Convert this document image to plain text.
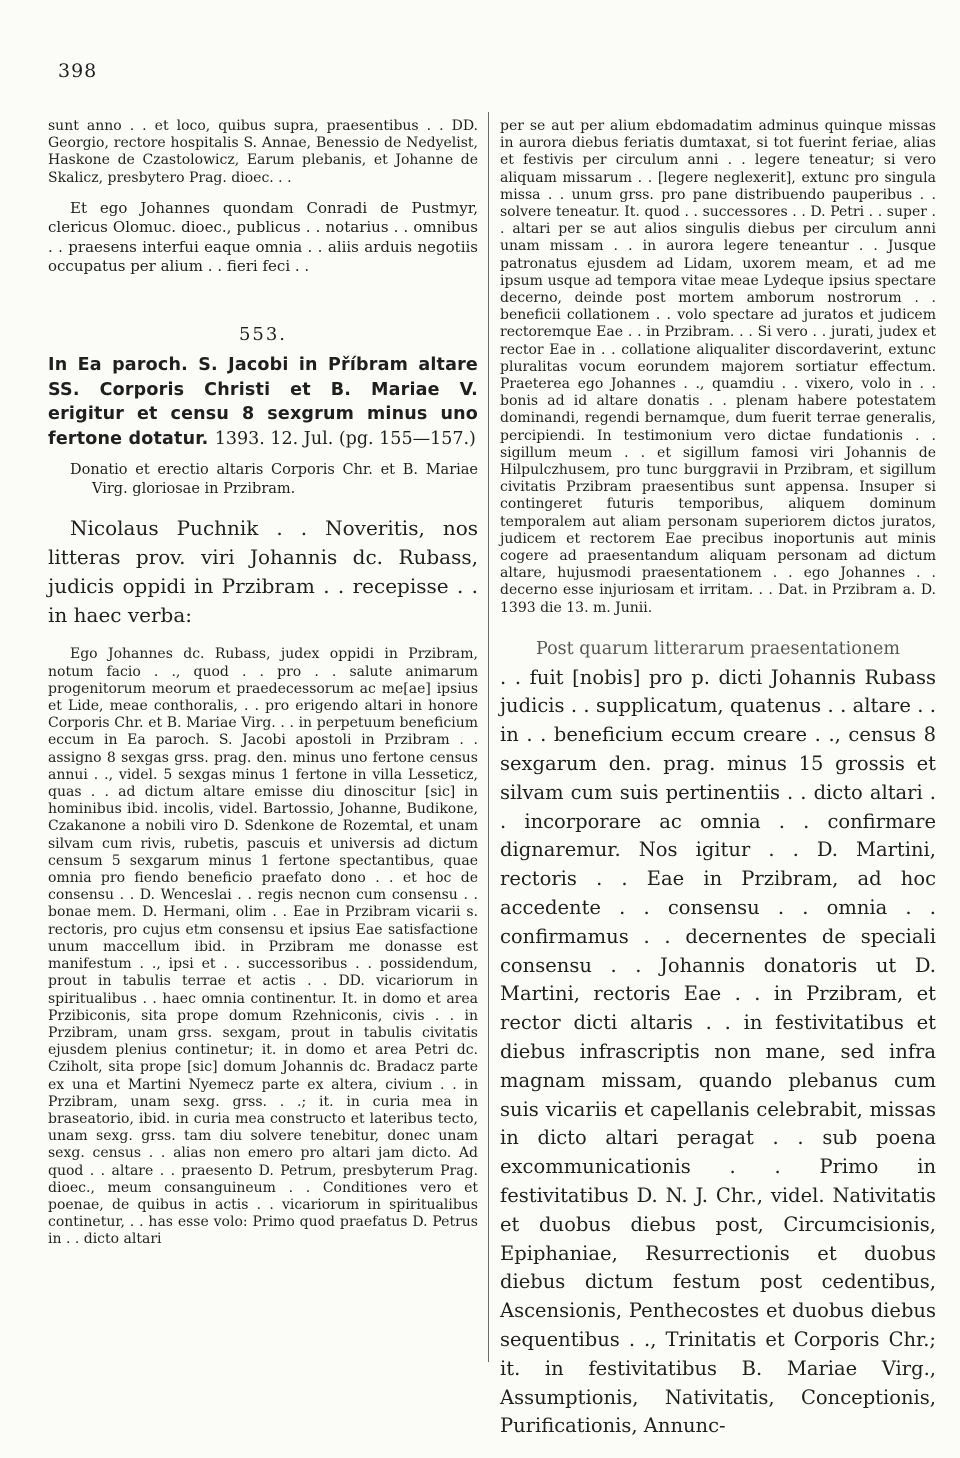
398

sunt anno . . et loco, quibus supra, praesentibus . . DD. Georgio, rectore hospitalis S. Annae, Benessio de Nedyelist, Haskone de Czastolowicz, Earum plebanis, et Johanne de Skalicz, presbytero Prag. dioec. . .

Et ego Johannes quondam Conradi de Pustmyr, clericus Olomuc. dioec., publicus . . notarius . . omnibus . . praesens interfui eaque omnia . . aliis arduis negotiis occupatus per alium . . fieri feci . .

553.

In Ea paroch. S. Jacobi in Příbram altare SS. Corporis Christi et B. Mariae V. erigitur et censu 8 sexgrum minus uno fertone dotatur. 1393. 12. Jul. (pg. 155—157.)

Donatio et erectio altaris Corporis Chr. et B. Mariae Virg. gloriosae in Przibram.

Nicolaus Puchnik . . Noveritis, nos litteras prov. viri Johannis dc. Rubass, judicis oppidi in Przibram . . recepisse . . in haec verba:

Ego Johannes dc. Rubass, judex oppidi in Przibram, notum facio . ., quod . . pro . . salute animarum progenitorum meorum et praedecessorum ac me[ae] ipsius et Lide, meae conthoralis, . . pro erigendo altari in honore Corporis Chr. et B. Mariae Virg. . . in perpetuum beneficium eccum in Ea paroch. S. Jacobi apostoli in Przibram . . assigno 8 sexgas grss. prag. den. minus uno fertone census annui . ., videl. 5 sexgas minus 1 fertone in villa Lesseticz, quas . . ad dictum altare emisse diu dinoscitur [sic] in hominibus ibid. incolis, videl. Bartossio, Johanne, Budikone, Czakanone a nobili viro D. Sdenkone de Rozemtal, et unam silvam cum rivis, rubetis, pascuis et universis ad dictum censum 5 sexgarum minus 1 fertone spectantibus, quae omnia pro fiendo beneficio praefato dono . . et hoc de consensu . . D. Wenceslai . . regis necnon cum consensu . . bonae mem. D. Hermani, olim . . Eae in Przibram vicarii s. rectoris, pro cujus etm consensu et ipsius Eae satisfactione unum maccellum ibid. in Przibram me donasse est manifestum . ., ipsi et . . successoribus . . possidendum, prout in tabulis terrae et actis . . DD. vicariorum in spiritualibus . . haec omnia continentur. It. in domo et area Przibiconis, sita prope domum Rzehniconis, civis . . in Przibram, unam grss. sexgam, prout in tabulis civitatis ejusdem plenius continetur; it. in domo et area Petri dc. Cziholt, sita prope [sic] domum Johannis dc. Bradacz parte ex una et Martini Nyemecz parte ex altera, civium . . in Przibram, unam sexg. grss. . .; it. in curia mea in braseatorio, ibid. in curia mea constructo et lateribus tecto, unam sexg. grss. tam diu solvere tenebitur, donec unam sexg. census . . alias non emero pro altari jam dicto. Ad quod . . altare . . praesento D. Petrum, presbyterum Prag. dioec., meum consanguineum . . Conditiones vero et poenae, de quibus in actis . . vicariorum in spiritualibus continetur, . . has esse volo: Primo quod praefatus D. Petrus in . . dicto altari

per se aut per alium ebdomadatim adminus quinque missas in aurora diebus feriatis dumtaxat, si tot fuerint feriae, alias et festivis per circulum anni . . legere teneatur; si vero aliquam missarum . . [legere neglexerit], extunc pro singula missa . . unum grss. pro pane distribuendo pauperibus . . solvere teneatur. It. quod . . successores . . D. Petri . . super . . altari per se aut alios singulis diebus per circulum anni unam missam . . in aurora legere teneantur . . Jusque patronatus ejusdem ad Lidam, uxorem meam, et ad me ipsum usque ad tempora vitae meae Lydeque ipsius spectare decerno, deinde post mortem amborum nostrorum . . beneficii collationem . . volo spectare ad juratos et judicem rectoremque Eae . . in Przibram. . . Si vero . . jurati, judex et rector Eae in . . collatione aliqualiter discordaverint, extunc pluralitas vocum eorundem majorem sortiatur effectum. Praeterea ego Johannes . ., quamdiu . . vixero, volo in . . bonis ad id altare donatis . . plenam habere potestatem dominandi, regendi bernamque, dum fuerit terrae generalis, percipiendi. In testimonium vero dictae fundationis . . sigillum meum . . et sigillum famosi viri Johannis de Hilpulczhusem, pro tunc burggravii in Przibram, et sigillum civitatis Przibram praesentibus sunt appensa. Insuper si contingeret futuris temporibus, aliquem dominum temporalem aut aliam personam superiorem dictos juratos, judicem et rectorem Eae precibus inoportunis aut minis cogere ad praesentandum aliquam personam ad dictum altare, hujusmodi praesentationem . . ego Johannes . . decerno esse injuriosam et irritam. . . Dat. in Przibram a. D. 1393 die 13. m. Junii.

Post quarum litterarum praesentationem

. . fuit [nobis] pro p. dicti Johannis Rubass judicis . . supplicatum, quatenus . . altare . . in . . beneficium eccum creare . ., census 8 sexgarum den. prag. minus 15 grossis et silvam cum suis pertinentiis . . dicto altari . . incorporare ac omnia . . confirmare dignaremur. Nos igitur . . D. Martini, rectoris . . Eae in Przibram, ad hoc accedente . . consensu . . omnia . . confirmamus . . decernentes de speciali consensu . . Johannis donatoris ut D. Martini, rectoris Eae . . in Przibram, et rector dicti altaris . . in festivitatibus et diebus infrascriptis non mane, sed infra magnam missam, quando plebanus cum suis vicariis et capellanis celebrabit, missas in dicto altari peragat . . sub poena excommunicationis . . Primo in festivitatibus D. N. J. Chr., videl. Nativitatis et duobus diebus post, Circumcisionis, Epiphaniae, Resurrectionis et duobus diebus dictum festum post cedentibus, Ascensionis, Penthecostes et duobus diebus sequentibus . ., Trinitatis et Corporis Chr.; it. in festivitatibus B. Mariae Virg., Assumptionis, Nativitatis, Conceptionis, Purificationis, Annunc-
